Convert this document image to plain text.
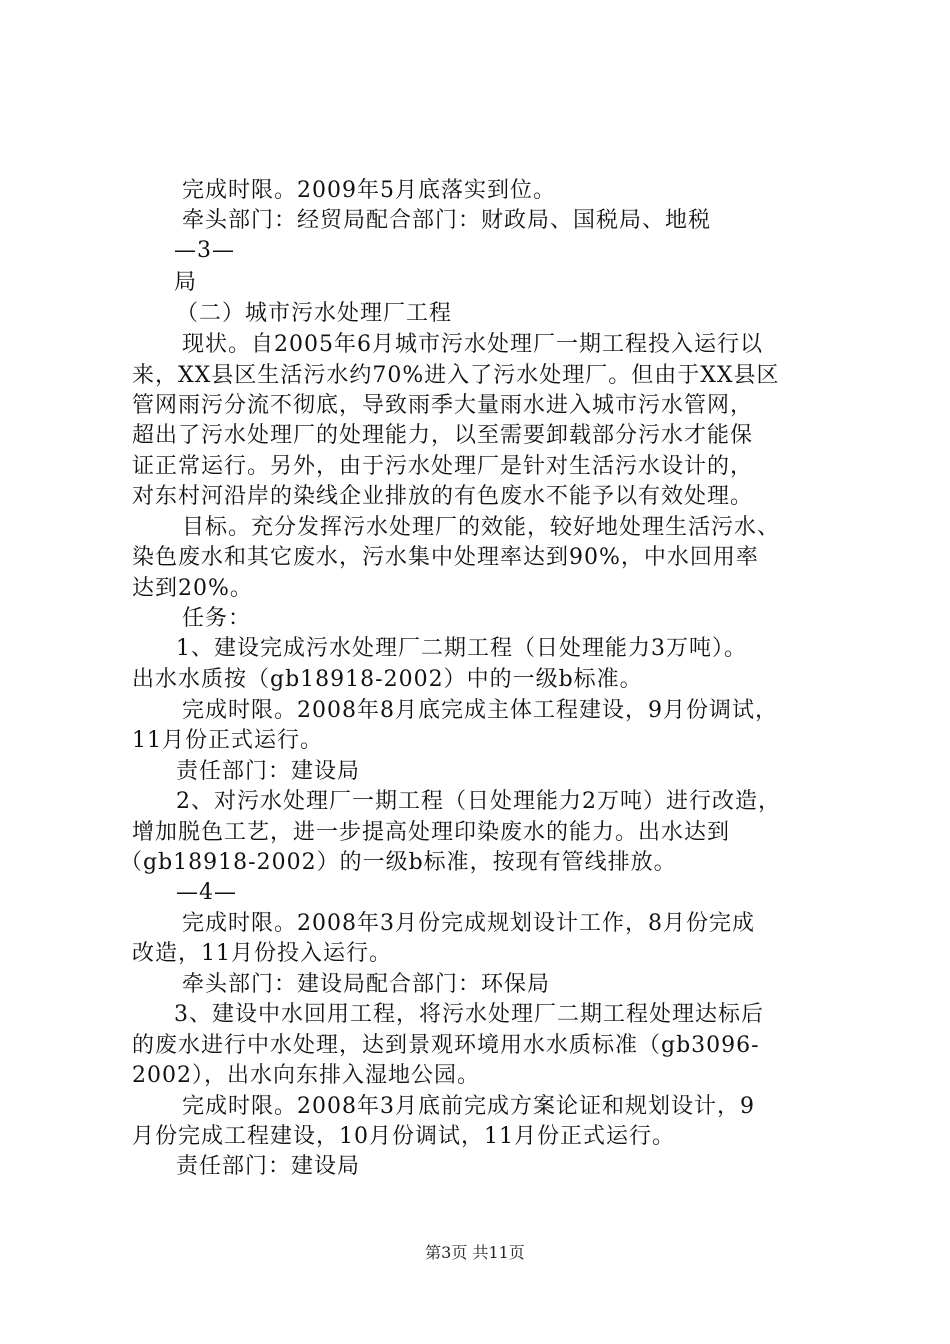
完成时限。2009年5月底落实到位。
牵头部门：经贸局配合部门：财政局、国税局、地税
—3—
局
（二）城市污水处理厂工程
现状。自2005年6月城市污水处理厂一期工程投入运行以
来，XX县区生活污水约70%进入了污水处理厂。但由于XX县区
管网雨污分流不彻底，导致雨季大量雨水进入城市污水管网，
超出了污水处理厂的处理能力，以至需要卸载部分污水才能保
证正常运行。另外，由于污水处理厂是针对生活污水设计的，
对东村河沿岸的染线企业排放的有色废水不能予以有效处理。
目标。充分发挥污水处理厂的效能，较好地处理生活污水、
染色废水和其它废水，污水集中处理率达到90%，中水回用率
达到20%。
任务：
1、建设完成污水处理厂二期工程（日处理能力3万吨）。
出水水质按（gb18918-2002）中的一级b标准。
完成时限。2008年8月底完成主体工程建设，9月份调试，
11月份正式运行。
责任部门：建设局
2、对污水处理厂一期工程（日处理能力2万吨）进行改造，
增加脱色工艺，进一步提高处理印染废水的能力。出水达到
（gb18918-2002）的一级b标准，按现有管线排放。
—4—
完成时限。2008年3月份完成规划设计工作，8月份完成
改造，11月份投入运行。
牵头部门：建设局配合部门：环保局
3、建设中水回用工程，将污水处理厂二期工程处理达标后
的废水进行中水处理，达到景观环境用水水质标准（gb3096-
2002），出水向东排入湿地公园。
完成时限。2008年3月底前完成方案论证和规划设计，9
月份完成工程建设，10月份调试，11月份正式运行。
责任部门：建设局
第3页 共11页
